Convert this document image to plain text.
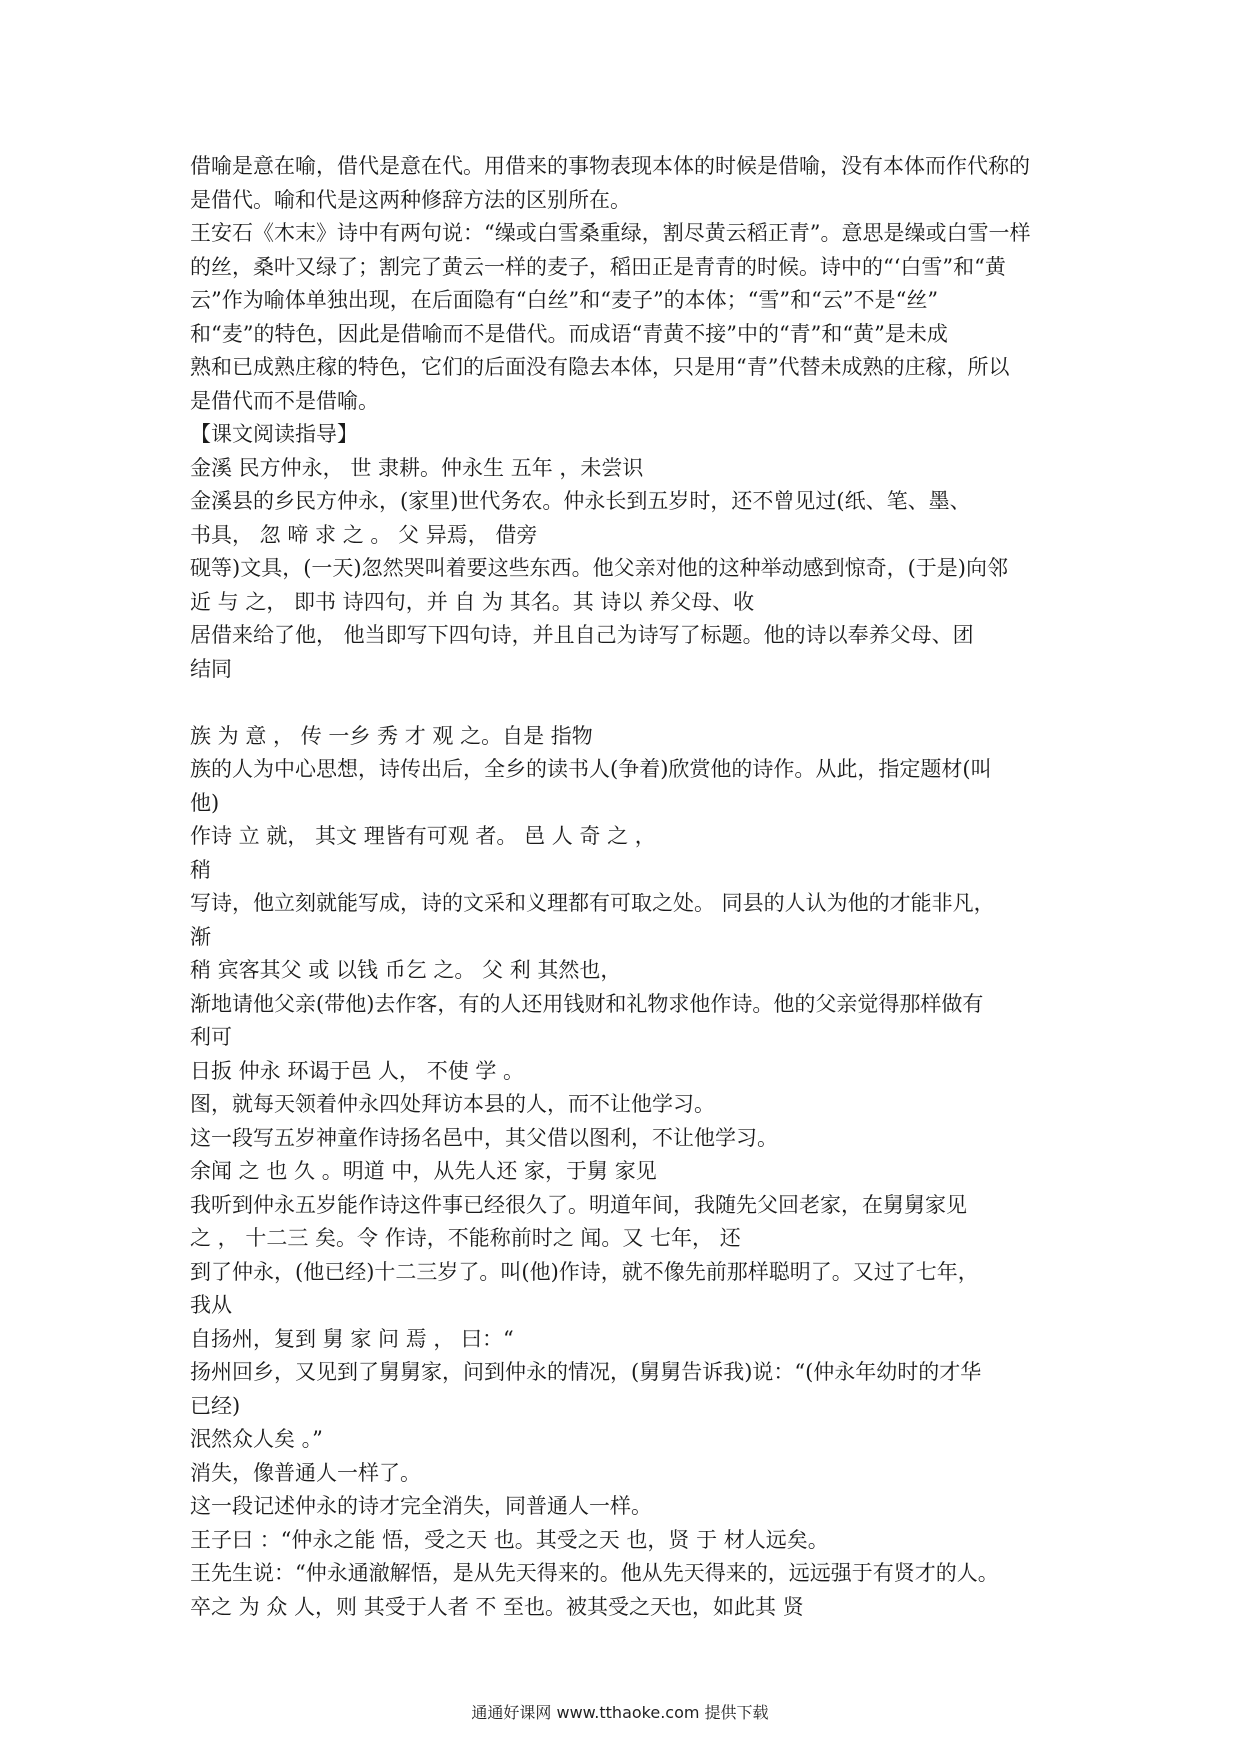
借喻是意在喻，借代是意在代。用借来的事物表现本体的时候是借喻，没有本体而作代称的
是借代。喻和代是这两种修辞方法的区别所在。
王安石《木末》诗中有两句说：“缲或白雪桑重绿，割尽黄云稻正青”。意思是缲或白雪一样
的丝，桑叶又绿了；割完了黄云一样的麦子，稻田正是青青的时候。诗中的“‘白雪”和“黄
云”作为喻体单独出现，在后面隐有“白丝”和“麦子”的本体；“雪”和“云”不是“丝”
和“麦”的特色，因此是借喻而不是借代。而成语“青黄不接”中的“青”和“黄”是未成
熟和已成熟庄稼的特色，它们的后面没有隐去本体，只是用“青”代替未成熟的庄稼，所以
是借代而不是借喻。
【课文阅读指导】
金溪 民方仲永， 世 隶耕。仲永生 五年 ，未尝识
金溪县的乡民方仲永，(家里)世代务农。仲永长到五岁时，还不曾见过(纸、笔、墨、
书具， 忽 啼 求 之 。 父 异焉， 借旁
砚等)文具，(一天)忽然哭叫着要这些东西。他父亲对他的这种举动感到惊奇，(于是)向邻
近 与 之， 即书 诗四句，并 自 为 其名。其 诗以 养父母、收
居借来给了他， 他当即写下四句诗，并且自己为诗写了标题。他的诗以奉养父母、团
结同
族 为 意 ， 传 一乡 秀 才 观 之。自是 指物
族的人为中心思想，诗传出后，全乡的读书人(争着)欣赏他的诗作。从此，指定题材(叫
他)
作诗 立 就， 其文 理皆有可观 者。 邑 人 奇 之 ，
稍
写诗，他立刻就能写成，诗的文采和义理都有可取之处。 同县的人认为他的才能非凡，
渐
稍 宾客其父 或 以钱 币乞 之。 父 利 其然也，
渐地请他父亲(带他)去作客，有的人还用钱财和礼物求他作诗。他的父亲觉得那样做有
利可
日扳 仲永 环谒于邑 人， 不使 学 。
图，就每天领着仲永四处拜访本县的人，而不让他学习。
这一段写五岁神童作诗扬名邑中，其父借以图利，不让他学习。
余闻 之 也 久 。明道 中，从先人还 家，于舅 家见
我听到仲永五岁能作诗这件事已经很久了。明道年间，我随先父回老家，在舅舅家见
之 ， 十二三 矣。令 作诗，不能称前时之 闻。又 七年， 还
到了仲永，(他已经)十二三岁了。叫(他)作诗，就不像先前那样聪明了。又过了七年，
我从
自扬州，复到 舅 家 问 焉 ， 曰：“
扬州回乡，又见到了舅舅家，问到仲永的情况，(舅舅告诉我)说：“(仲永年幼时的才华
已经)
泯然众人矣 。”
消失，像普通人一样了。
这一段记述仲永的诗才完全消失，同普通人一样。
王子曰 ：“仲永之能 悟，受之天 也。其受之天 也，贤 于 材人远矣。
王先生说：“仲永通澈解悟，是从先天得来的。他从先天得来的，远远强于有贤才的人。
卒之 为 众 人，则 其受于人者 不 至也。被其受之天也，如此其 贤
通通好课网 www.tthaoke.com 提供下载
